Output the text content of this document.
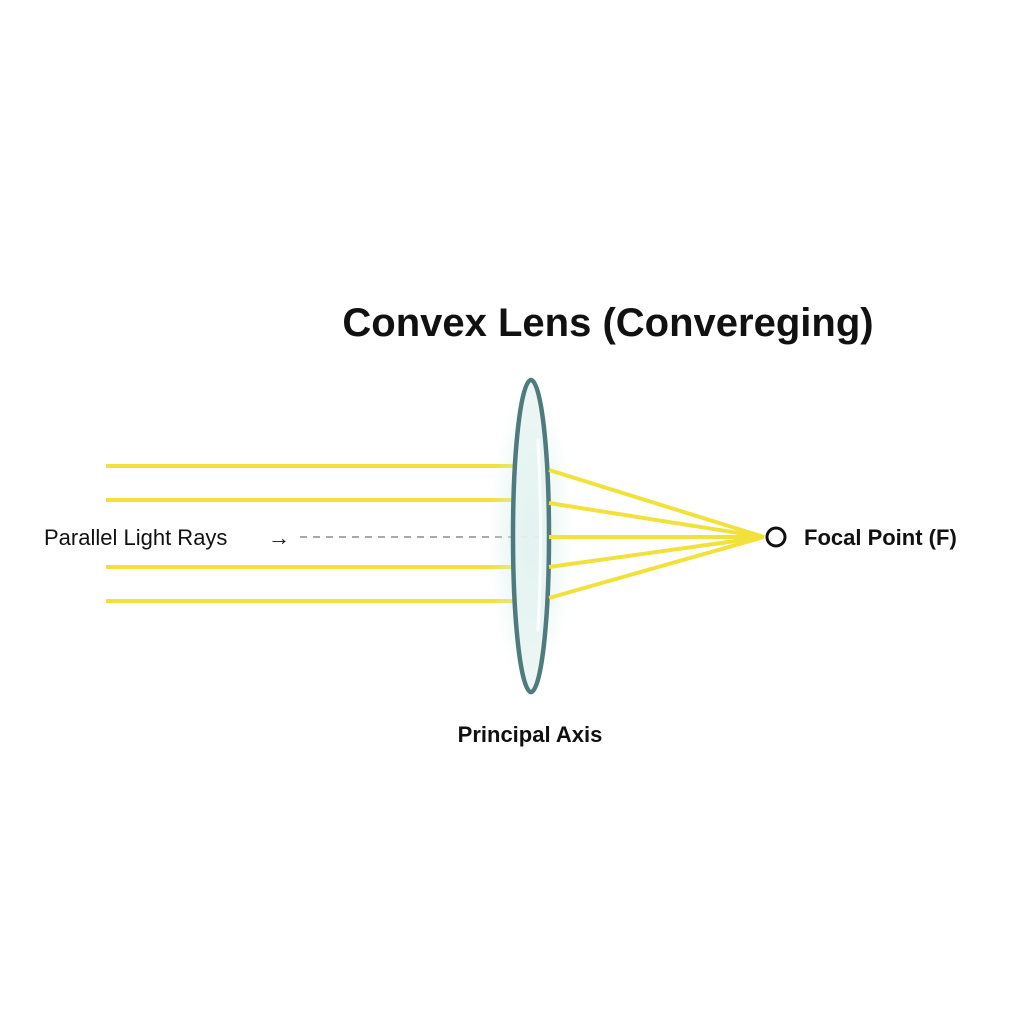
Convex Lens (Convereging)
Parallel Light Rays →	Focal Point (F)
Principal Axis
